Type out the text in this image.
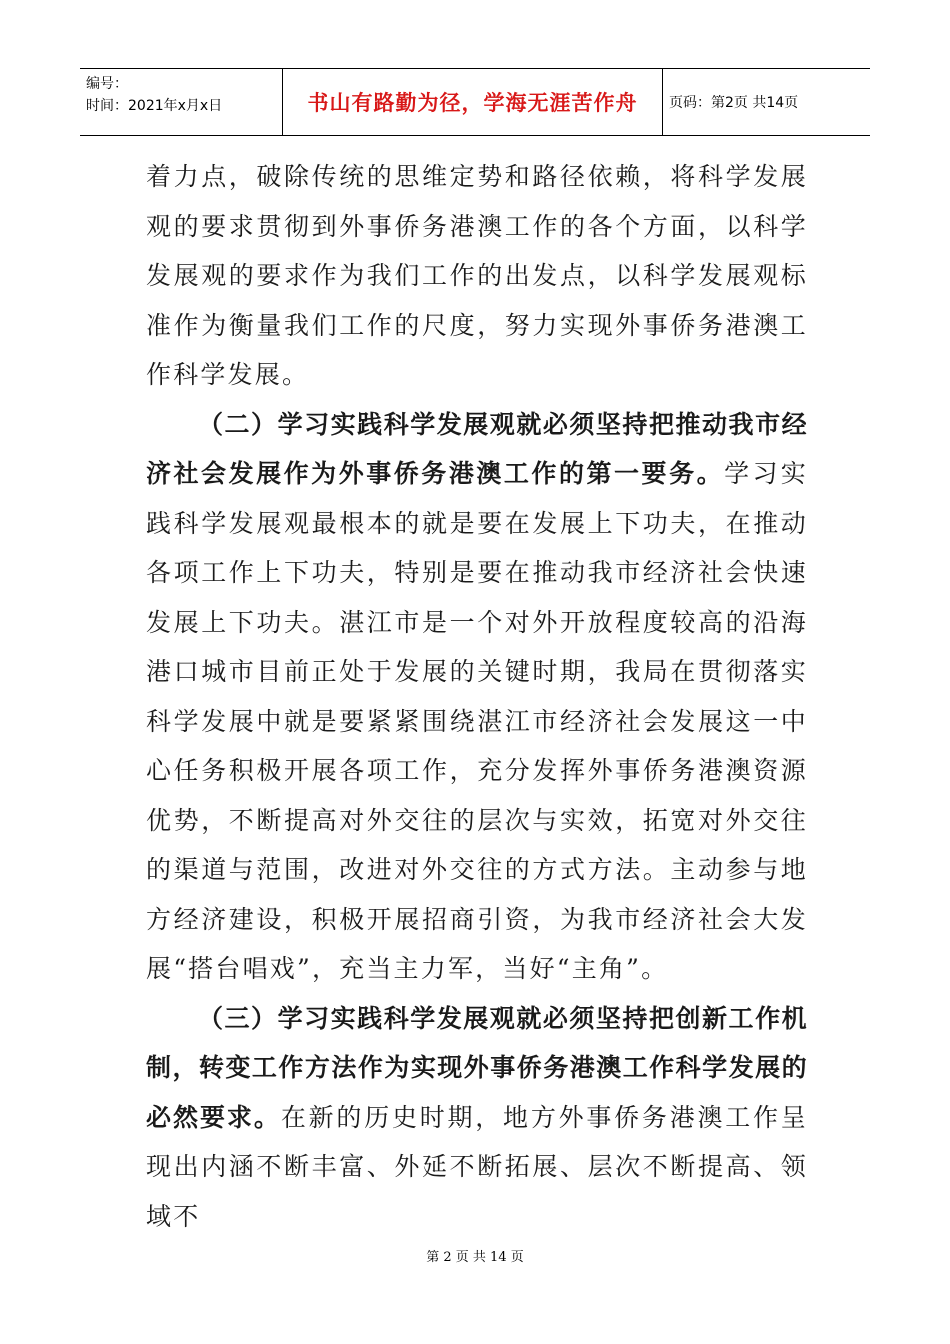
编号：
时间：2021年x月x日	书山有路勤为径，学海无涯苦作舟	页码：第2页 共14页

着力点，破除传统的思维定势和路径依赖，将科学发展观的要求贯彻到外事侨务港澳工作的各个方面，以科学发展观的要求作为我们工作的出发点，以科学发展观标准作为衡量我们工作的尺度，努力实现外事侨务港澳工作科学发展。

（二）学习实践科学发展观就必须坚持把推动我市经济社会发展作为外事侨务港澳工作的第一要务。学习实践科学发展观最根本的就是要在发展上下功夫，在推动各项工作上下功夫，特别是要在推动我市经济社会快速发展上下功夫。湛江市是一个对外开放程度较高的沿海港口城市目前正处于发展的关键时期，我局在贯彻落实科学发展中就是要紧紧围绕湛江市经济社会发展这一中心任务积极开展各项工作，充分发挥外事侨务港澳资源优势，不断提高对外交往的层次与实效，拓宽对外交往的渠道与范围，改进对外交往的方式方法。主动参与地方经济建设，积极开展招商引资，为我市经济社会大发展“搭台唱戏”，充当主力军，当好“主角”。

（三）学习实践科学发展观就必须坚持把创新工作机制，转变工作方法作为实现外事侨务港澳工作科学发展的必然要求。在新的历史时期，地方外事侨务港澳工作呈现出内涵不断丰富、外延不断拓展、层次不断提高、领域不

第 2 页 共 14 页
